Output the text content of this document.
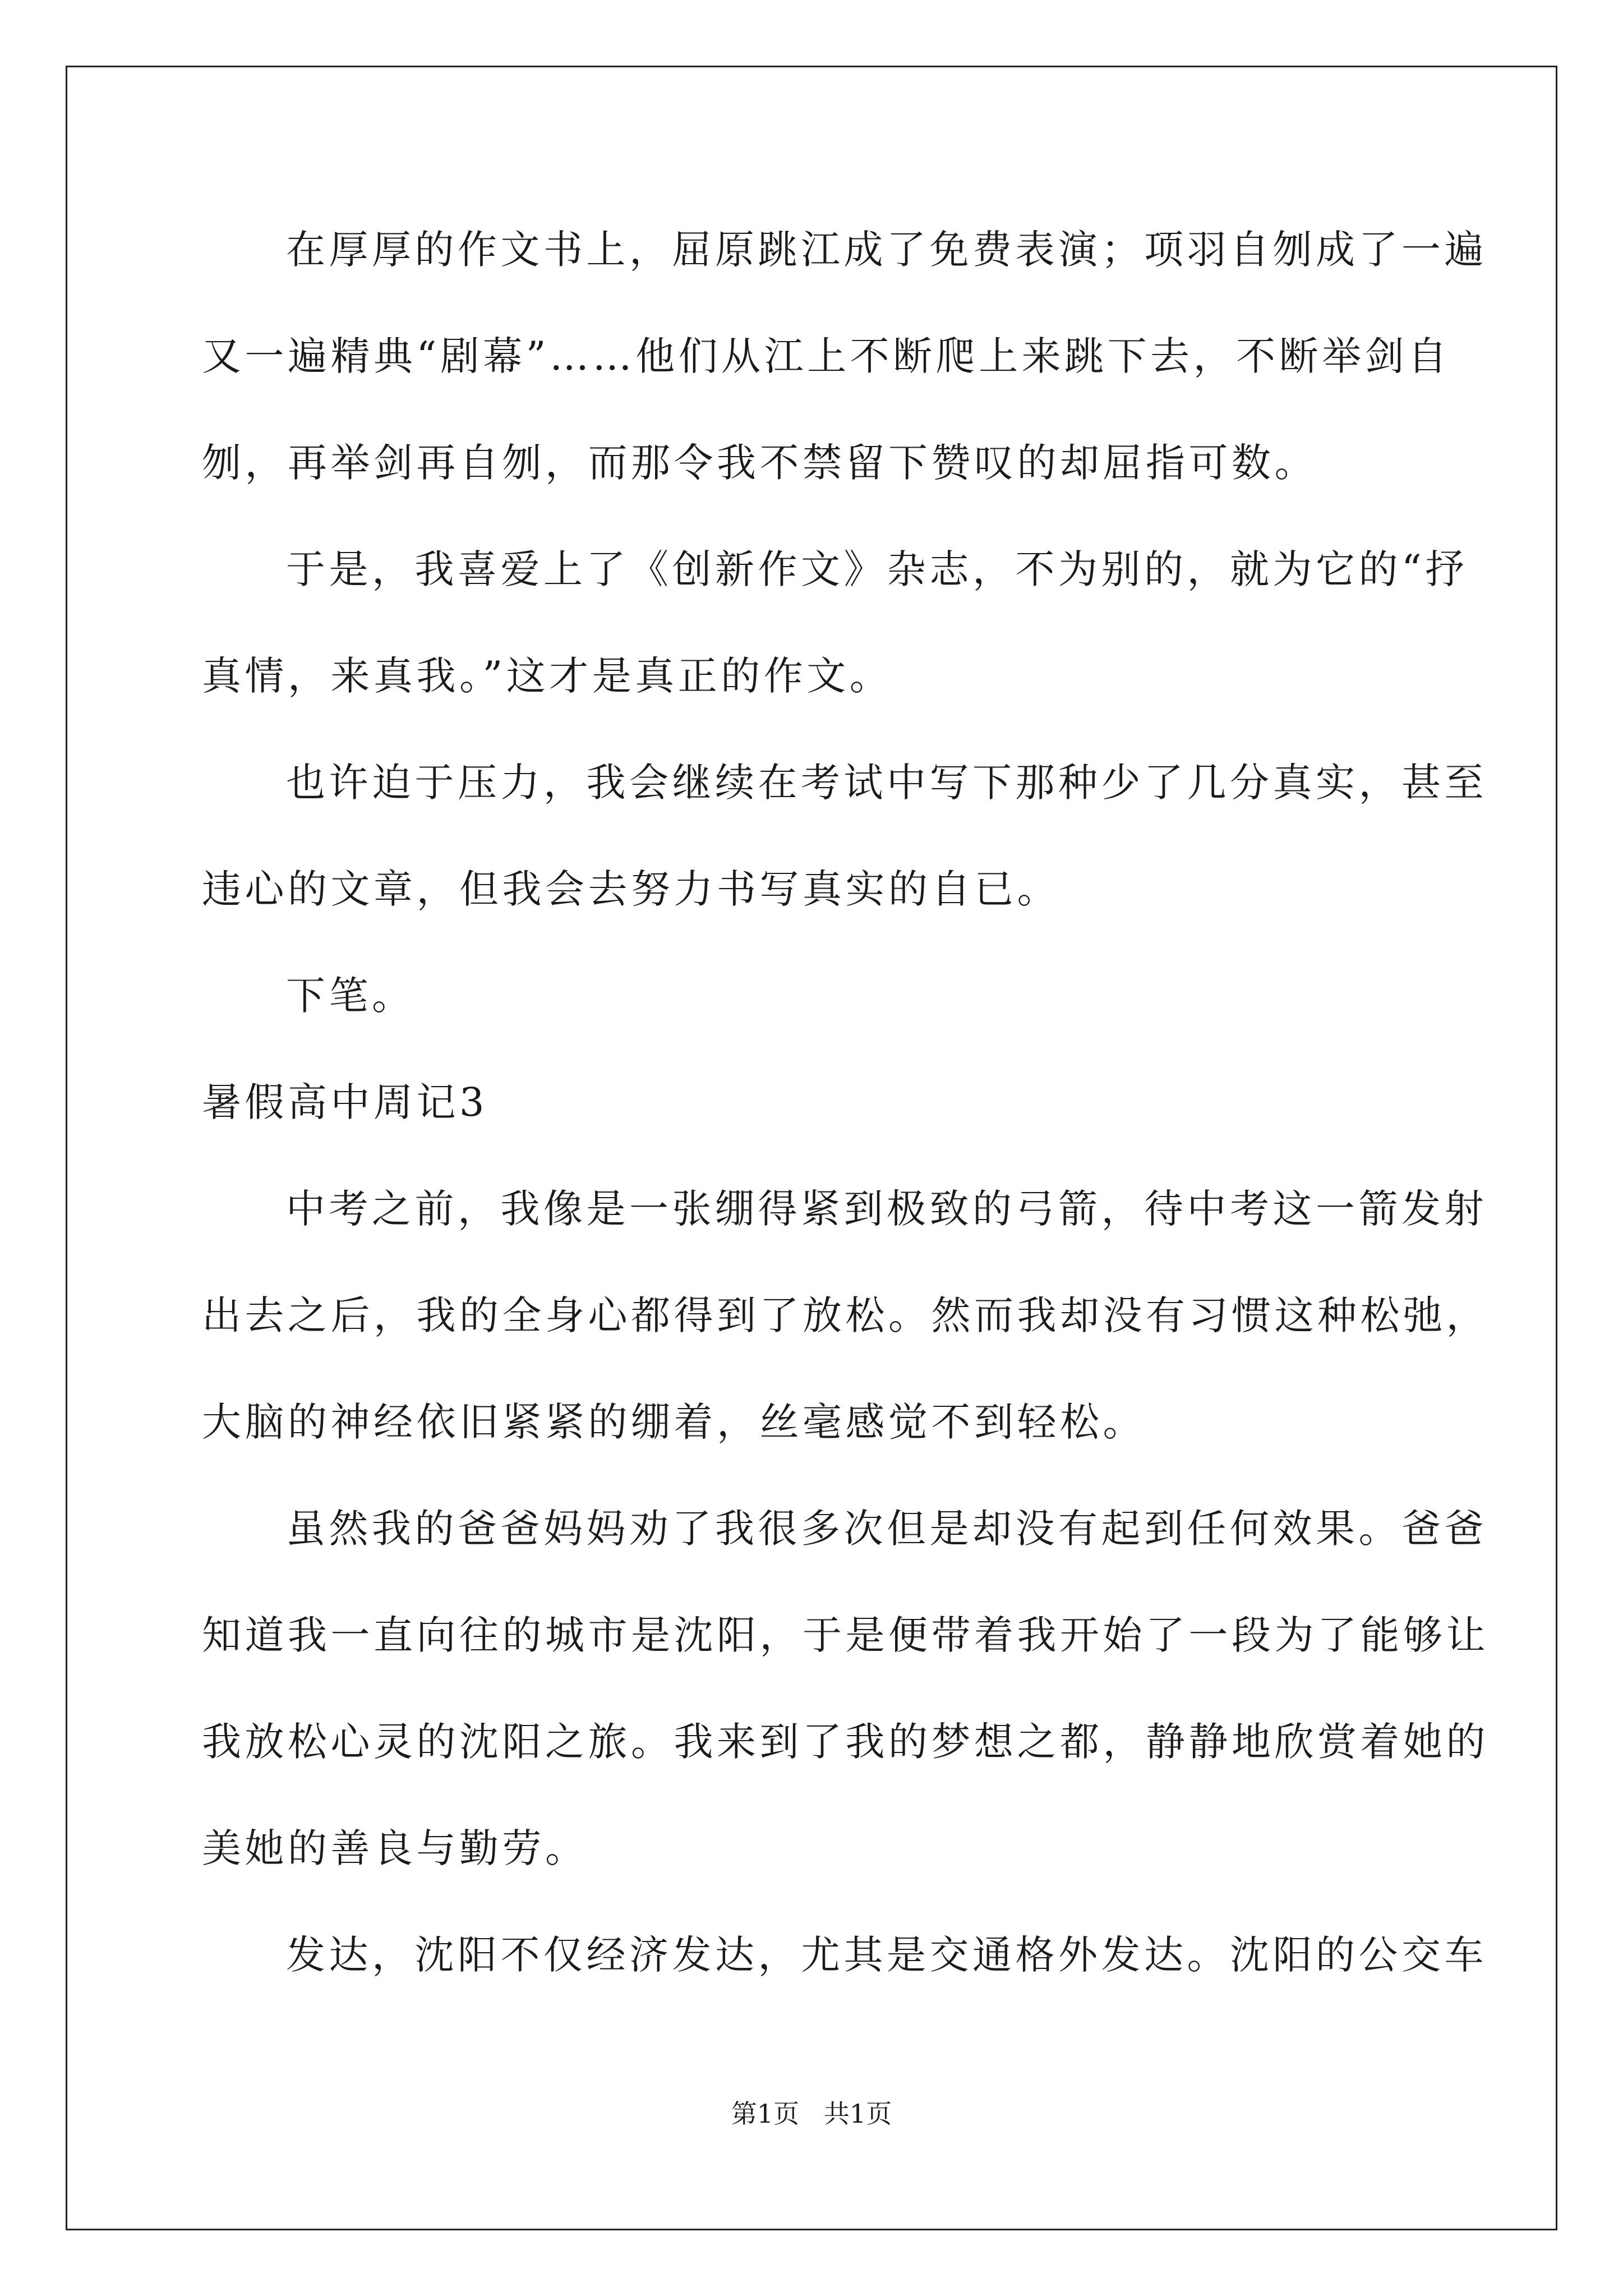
在厚厚的作文书上，屈原跳江成了免费表演；项羽自刎成了一遍
又一遍精典“剧幕”……他们从江上不断爬上来跳下去，不断举剑自
刎，再举剑再自刎，而那令我不禁留下赞叹的却屈指可数。
于是，我喜爱上了《创新作文》杂志，不为别的，就为它的“抒
真情，来真我。”这才是真正的作文。
也许迫于压力，我会继续在考试中写下那种少了几分真实，甚至
违心的文章，但我会去努力书写真实的自已。
下笔。
暑假高中周记3
中考之前，我像是一张绷得紧到极致的弓箭，待中考这一箭发射
出去之后，我的全身心都得到了放松。然而我却没有习惯这种松弛，
大脑的神经依旧紧紧的绷着，丝毫感觉不到轻松。
虽然我的爸爸妈妈劝了我很多次但是却没有起到任何效果。爸爸
知道我一直向往的城市是沈阳，于是便带着我开始了一段为了能够让
我放松心灵的沈阳之旅。我来到了我的梦想之都，静静地欣赏着她的
美她的善良与勤劳。
发达，沈阳不仅经济发达，尤其是交通格外发达。沈阳的公交车
第1页   共1页
